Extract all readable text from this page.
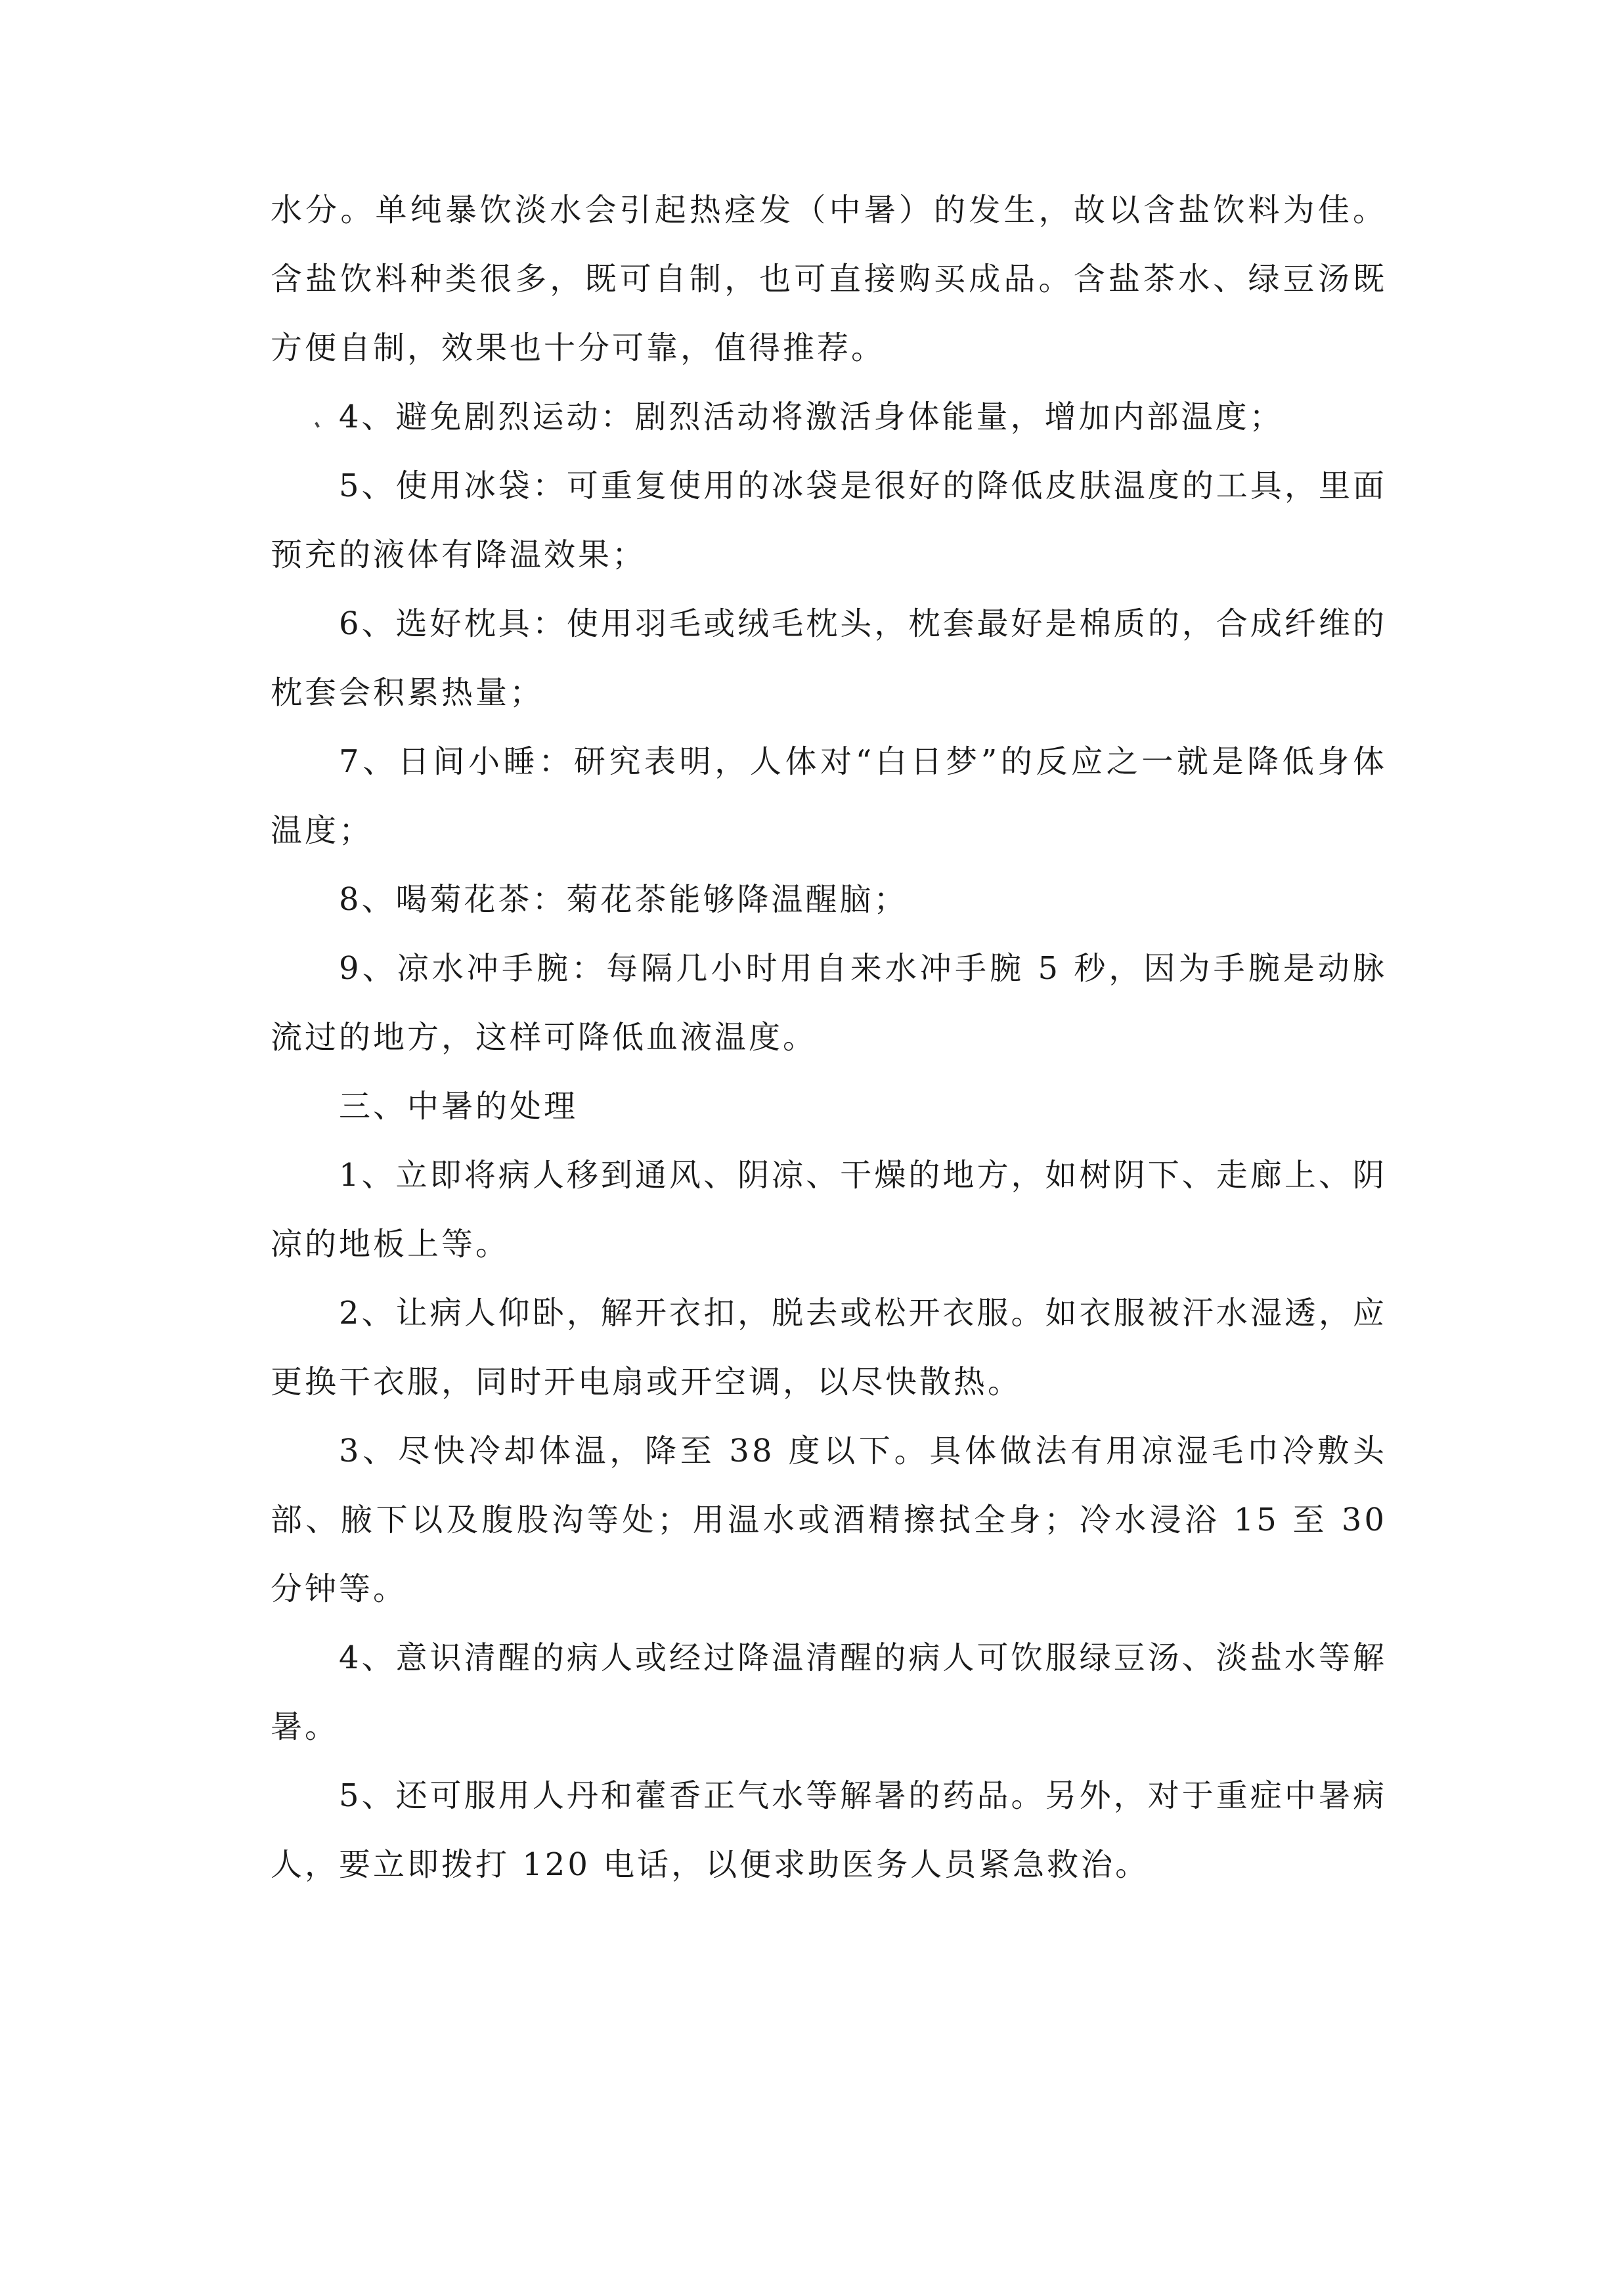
水分。单纯暴饮淡水会引起热痉发（中暑）的发生，故以含盐饮料为佳。含盐饮料种类很多，既可自制，也可直接购买成品。含盐茶水、绿豆汤既方便自制，效果也十分可靠，值得推荐。

4、避免剧烈运动：剧烈活动将激活身体能量，增加内部温度；

5、使用冰袋：可重复使用的冰袋是很好的降低皮肤温度的工具，里面预充的液体有降温效果；

6、选好枕具：使用羽毛或绒毛枕头，枕套最好是棉质的，合成纤维的枕套会积累热量；

7、日间小睡：研究表明，人体对“白日梦”的反应之一就是降低身体温度；

8、喝菊花茶：菊花茶能够降温醒脑；

9、凉水冲手腕：每隔几小时用自来水冲手腕 5 秒，因为手腕是动脉流过的地方，这样可降低血液温度。

三、中暑的处理

1、立即将病人移到通风、阴凉、干燥的地方，如树阴下、走廊上、阴凉的地板上等。

2、让病人仰卧，解开衣扣，脱去或松开衣服。如衣服被汗水湿透，应更换干衣服，同时开电扇或开空调，以尽快散热。

3、尽快冷却体温，降至 38 度以下。具体做法有用凉湿毛巾冷敷头部、腋下以及腹股沟等处；用温水或酒精擦拭全身；冷水浸浴 15 至 30 分钟等。

4、意识清醒的病人或经过降温清醒的病人可饮服绿豆汤、淡盐水等解暑。

5、还可服用人丹和藿香正气水等解暑的药品。另外，对于重症中暑病人，要立即拨打 120 电话，以便求助医务人员紧急救治。
